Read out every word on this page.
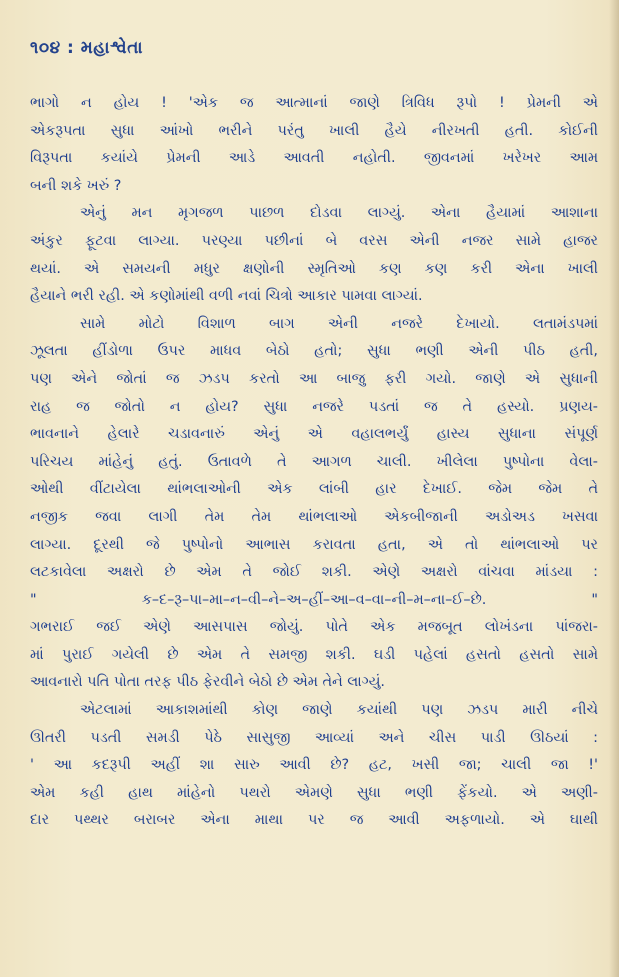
૧૦૪ : મહાશ્વેતા
ભાગો ન હોય ! 'એક જ આત્માનાં જાણે ત્રિવિધ રૂપો ! પ્રેમની એ
એકરૂપતા સુધા આંખો ભરીને પરંતુ ખાલી હૈયે નીરખતી હતી. કોઈની
વિરૂપતા કયાંયે પ્રેમની આડે આવતી નહોતી. જીવનમાં ખરેખર આમ
બની શકે ખરું ?
એનું મન મૃગજળ પાછળ દોડવા લાગ્યું. એના હૈયામાં આશાના
અંકુર ફૂટવા લાગ્યા. પરણ્યા પછીનાં બે વરસ એની નજર સામે હાજર
થયાં. એ સમયની મધુર ક્ષણોની સ્મૃતિઓ કણ કણ કરી એના ખાલી
હૈયાને ભરી રહી. એ કણોમાંથી વળી નવાં ચિત્રો આકાર પામવા લાગ્યાં.
સામે મોટો વિશાળ બાગ એની નજરે દેખાયો. લતામંડપમાં
ઝૂલતા હીંડોળા ઉપર માધવ બેઠો હતો; સુધા ભણી એની પીઠ હતી,
પણ એને જોતાં જ ઝડપ કરતો આ બાજુ ફરી ગયો. જાણે એ સુધાની
રાહ જ જોતો ન હોય? સુધા નજરે પડતાં જ તે હસ્યો. પ્રણય-
ભાવનાને હેલારે ચડાવનારું એનું એ વહાલભર્યું હાસ્ય સુધાના સંપૂર્ણ
પરિચય માંહેનું હતું. ઉતાવળે તે આગળ ચાલી. ખીલેલા પુષ્પોના વેલા-
ઓથી વીંટાયેલા થાંભલાઓની એક લાંબી હાર દેખાઈ. જેમ જેમ તે
નજીક જવા લાગી તેમ તેમ થાંભલાઓ એકબીજાની અડોઅડ ખસવા
લાગ્યા. દૂરથી જે પુષ્પોનો આભાસ કરાવતા હતા, એ તો થાંભલાઓ પર
લટકાવેલા અક્ષરો છે એમ તે જોઈ શકી. એણે અક્ષરો વાંચવા માંડયા :
" ક–દ–રૂ–પા–મા–ન–વી–ને–અ–હીં–આ–વ–વા–ની–મ–ના–ઈ–છે. "
ગભરાઈ જઈ એણે આસપાસ જોયું. પોતે એક મજબૂત લોખંડના પાંજરા-
માં પુરાઈ ગયેલી છે એમ તે સમજી શકી. ઘડી પહેલાં હસતો હસતો સામે
આવનારો પતિ પોતા તરફ પીઠ ફેરવીને બેઠો છે એમ તેને લાગ્યું.
એટલામાં આકાશમાંથી કોણ જાણે કયાંથી પણ ઝડપ મારી નીચે
ઊતરી પડતી સમડી પેઠે સાસુજી આવ્યાં અને ચીસ પાડી ઊઠયાં :
' આ કદરૂપી અહીં શા સારુ આવી છે? હટ, ખસી જા; ચાલી જા !'
એમ કહી હાથ માંહેનો પથરો એમણે સુધા ભણી ફેંકયો. એ અણી-
દાર પથ્થર બરાબર એના માથા પર જ આવી અફળાયો. એ ઘાથી
